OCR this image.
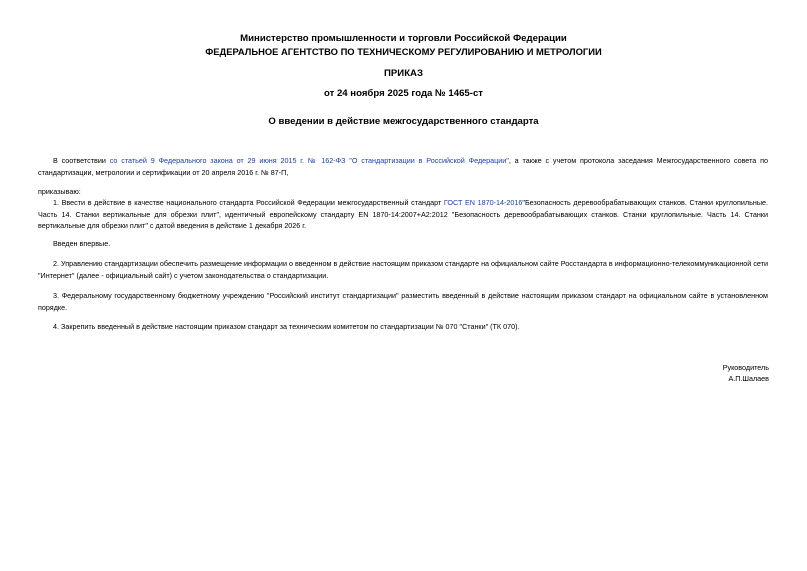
Министерство промышленности и торговли Российской Федерации
ФЕДЕРАЛЬНОЕ АГЕНТСТВО ПО ТЕХНИЧЕСКОМУ РЕГУЛИРОВАНИЮ И МЕТРОЛОГИИ
ПРИКАЗ
от 24 ноября 2025 года № 1465-ст
О введении в действие межгосударственного стандарта
В соответствии со статьей 9 Федерального закона от 29 июня 2015 г. № 162-ФЗ "О стандартизации в Российской Федерации", а также с учетом протокола заседания Межгосударственного совета по стандартизации, метрологии и сертификации от 20 апреля 2016 г. № 87-П,
приказываю:
1. Ввести в действие в качестве национального стандарта Российской Федерации межгосударственный стандарт ГОСТ EN 1870-14-2016"Безопасность деревообрабатывающих станков. Станки круглопильные. Часть 14. Станки вертикальные для обрезки плит", идентичный европейскому стандарту EN 1870-14:2007+A2:2012 "Безопасность деревообрабатывающих станков. Станки круглопильные. Часть 14. Станки вертикальные для обрезки плит" с датой введения в действие 1 декабря 2026 г.
Введен впервые.
2. Управлению стандартизации обеспечить размещение информации о введенном в действие настоящим приказом стандарте на официальном сайте Росстандарта в информационно-телекоммуникационной сети "Интернет" (далее - официальный сайт) с учетом законодательства о стандартизации.
3. Федеральному государственному бюджетному учреждению "Российский институт стандартизации" разместить введенный в действие настоящим приказом стандарт на официальном сайте в установленном порядке.
4. Закрепить введенный в действие настоящим приказом стандарт за техническим комитетом по стандартизации № 070 "Станки" (ТК 070).
Руководитель
А.П.Шалаев
